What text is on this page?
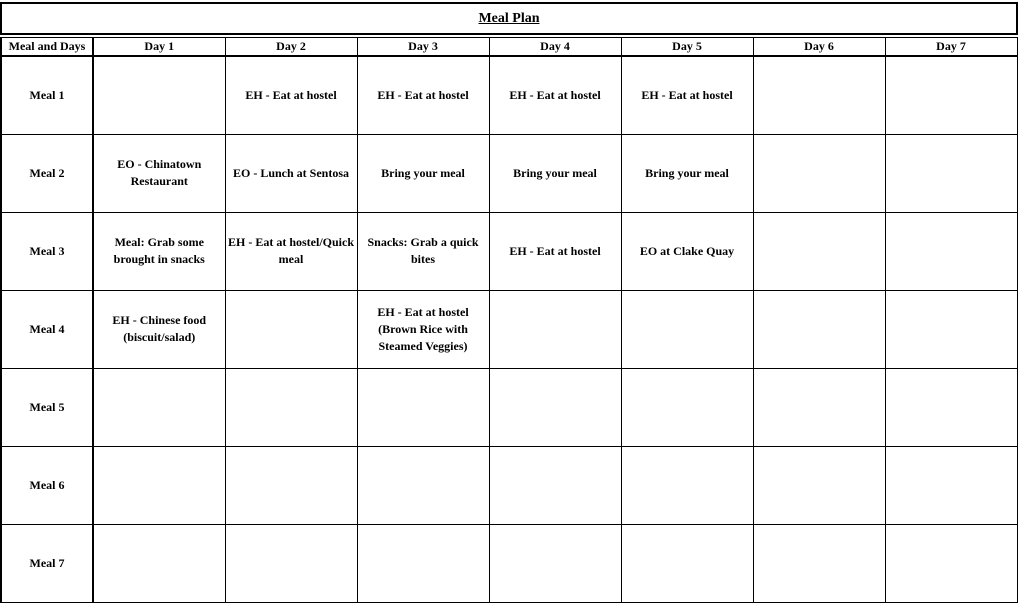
Meal Plan
Meal and Days	Day 1	Day 2	Day 3	Day 4	Day 5	Day 6	Day 7
Meal 1		EH - Eat at hostel	EH - Eat at hostel	EH - Eat at hostel	EH - Eat at hostel		
Meal 2	EO - Chinatown Restaurant	EO - Lunch at Sentosa	Bring your meal	Bring your meal	Bring your meal		
Meal 3	Meal: Grab some brought in snacks	EH - Eat at hostel/Quick meal	Snacks: Grab a quick bites	EH - Eat at hostel	EO at Clake Quay		
Meal 4	EH - Chinese food (biscuit/salad)		EH - Eat at hostel (Brown Rice with Steamed Veggies)				
Meal 5							
Meal 6							
Meal 7							
